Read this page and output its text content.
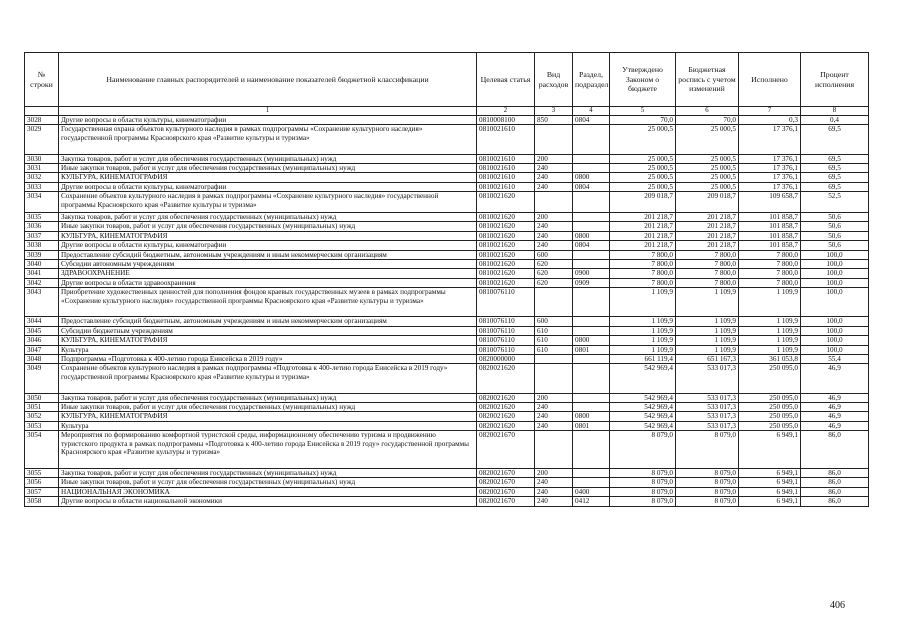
№ строки	Наименование главных распорядителей и наименование показателей бюджетной классификации	Целевая статья	Вид расходов	Раздел, подраздел	Утверждено Законом о бюджете	Бюджетная роспись с учетом изменений	Исполнено	Процент исполнения
	1	2	3	4	5	6	7	8
3028	Другие вопросы в области культуры, кинематографии	0810008100	850	0804	70,0	70,0	0,3	0,4
3029	Государственная охрана объектов культурного наследия в рамках подпрограммы «Сохранение культурного наследия» государственной программы Красноярского края «Развитие культуры и туризма»	0810021610			25 000,5	25 000,5	17 376,1	69,5
3030	Закупка товаров, работ и услуг для обеспечения государственных (муниципальных) нужд	0810021610	200		25 000,5	25 000,5	17 376,1	69,5
3031	Иные закупки товаров, работ и услуг для обеспечения государственных (муниципальных) нужд	0810021610	240		25 000,5	25 000,5	17 376,1	69,5
3032	КУЛЬТУРА, КИНЕМАТОГРАФИЯ	0810021610	240	0800	25 000,5	25 000,5	17 376,1	69,5
3033	Другие вопросы в области культуры, кинематографии	0810021610	240	0804	25 000,5	25 000,5	17 376,1	69,5
3034	Сохранение объектов культурного наследия в рамках подпрограммы «Сохранение культурного наследия» государственной программы Красноярского края «Развитие культуры и туризма»	0810021620			209 018,7	209 018,7	109 658,7	52,5
3035	Закупка товаров, работ и услуг для обеспечения государственных (муниципальных) нужд	0810021620	200		201 218,7	201 218,7	101 858,7	50,6
3036	Иные закупки товаров, работ и услуг для обеспечения государственных (муниципальных) нужд	0810021620	240		201 218,7	201 218,7	101 858,7	50,6
3037	КУЛЬТУРА, КИНЕМАТОГРАФИЯ	0810021620	240	0800	201 218,7	201 218,7	101 858,7	50,6
3038	Другие вопросы в области культуры, кинематографии	0810021620	240	0804	201 218,7	201 218,7	101 858,7	50,6
3039	Предоставление субсидий бюджетным, автономным учреждениям и иным некоммерческим организациям	0810021620	600		7 800,0	7 800,0	7 800,0	100,0
3040	Субсидии автономным учреждениям	0810021620	620		7 800,0	7 800,0	7 800,0	100,0
3041	ЗДРАВООХРАНЕНИЕ	0810021620	620	0900	7 800,0	7 800,0	7 800,0	100,0
3042	Другие вопросы в области здравоохранения	0810021620	620	0909	7 800,0	7 800,0	7 800,0	100,0
3043	Приобретение художественных ценностей для пополнения фондов краевых государственных музеев в рамках подпрограммы «Сохранение культурного наследия» государственной программы Красноярского края «Развитие культуры и туризма»	0810076110			1 109,9	1 109,9	1 109,9	100,0
3044	Предоставление субсидий бюджетным, автономным учреждениям и иным некоммерческим организациям	0810076110	600		1 109,9	1 109,9	1 109,9	100,0
3045	Субсидии бюджетным учреждениям	0810076110	610		1 109,9	1 109,9	1 109,9	100,0
3046	КУЛЬТУРА, КИНЕМАТОГРАФИЯ	0810076110	610	0800	1 109,9	1 109,9	1 109,9	100,0
3047	Культура	0810076110	610	0801	1 109,9	1 109,9	1 109,9	100,0
3048	Подпрограмма «Подготовка к 400-летию города Енисейска в 2019 году»	0820000000			661 119,4	651 167,3	361 053,8	55,4
3049	Сохранение объектов культурного наследия в рамках подпрограммы «Подготовка к 400-летию города Енисейска в 2019 году» государственной программы Красноярского края «Развитие культуры и туризма»	0820021620			542 969,4	533 017,3	250 095,0	46,9
3050	Закупка товаров, работ и услуг для обеспечения государственных (муниципальных) нужд	0820021620	200		542 969,4	533 017,3	250 095,0	46,9
3051	Иные закупки товаров, работ и услуг для обеспечения государственных (муниципальных) нужд	0820021620	240		542 969,4	533 017,3	250 095,0	46,9
3052	КУЛЬТУРА, КИНЕМАТОГРАФИЯ	0820021620	240	0800	542 969,4	533 017,3	250 095,0	46,9
3053	Культура	0820021620	240	0801	542 969,4	533 017,3	250 095,0	46,9
3054	Мероприятия по формированию комфортной туристской среды, информационному обеспечению туризма и продвижению туристского продукта в рамках подпрограммы «Подготовка к 400-летию города Енисейска в 2019 году» государственной программы Красноярского края «Развитие культуры и туризма»	0820021670			8 079,0	8 079,0	6 949,1	86,0
3055	Закупка товаров, работ и услуг для обеспечения государственных (муниципальных) нужд	0820021670	200		8 079,0	8 079,0	6 949,1	86,0
3056	Иные закупки товаров, работ и услуг для обеспечения государственных (муниципальных) нужд	0820021670	240		8 079,0	8 079,0	6 949,1	86,0
3057	НАЦИОНАЛЬНАЯ ЭКОНОМИКА	0820021670	240	0400	8 079,0	8 079,0	6 949,1	86,0
3058	Другие вопросы в области национальной экономики	0820021670	240	0412	8 079,0	8 079,0	6 949,1	86,0
406
